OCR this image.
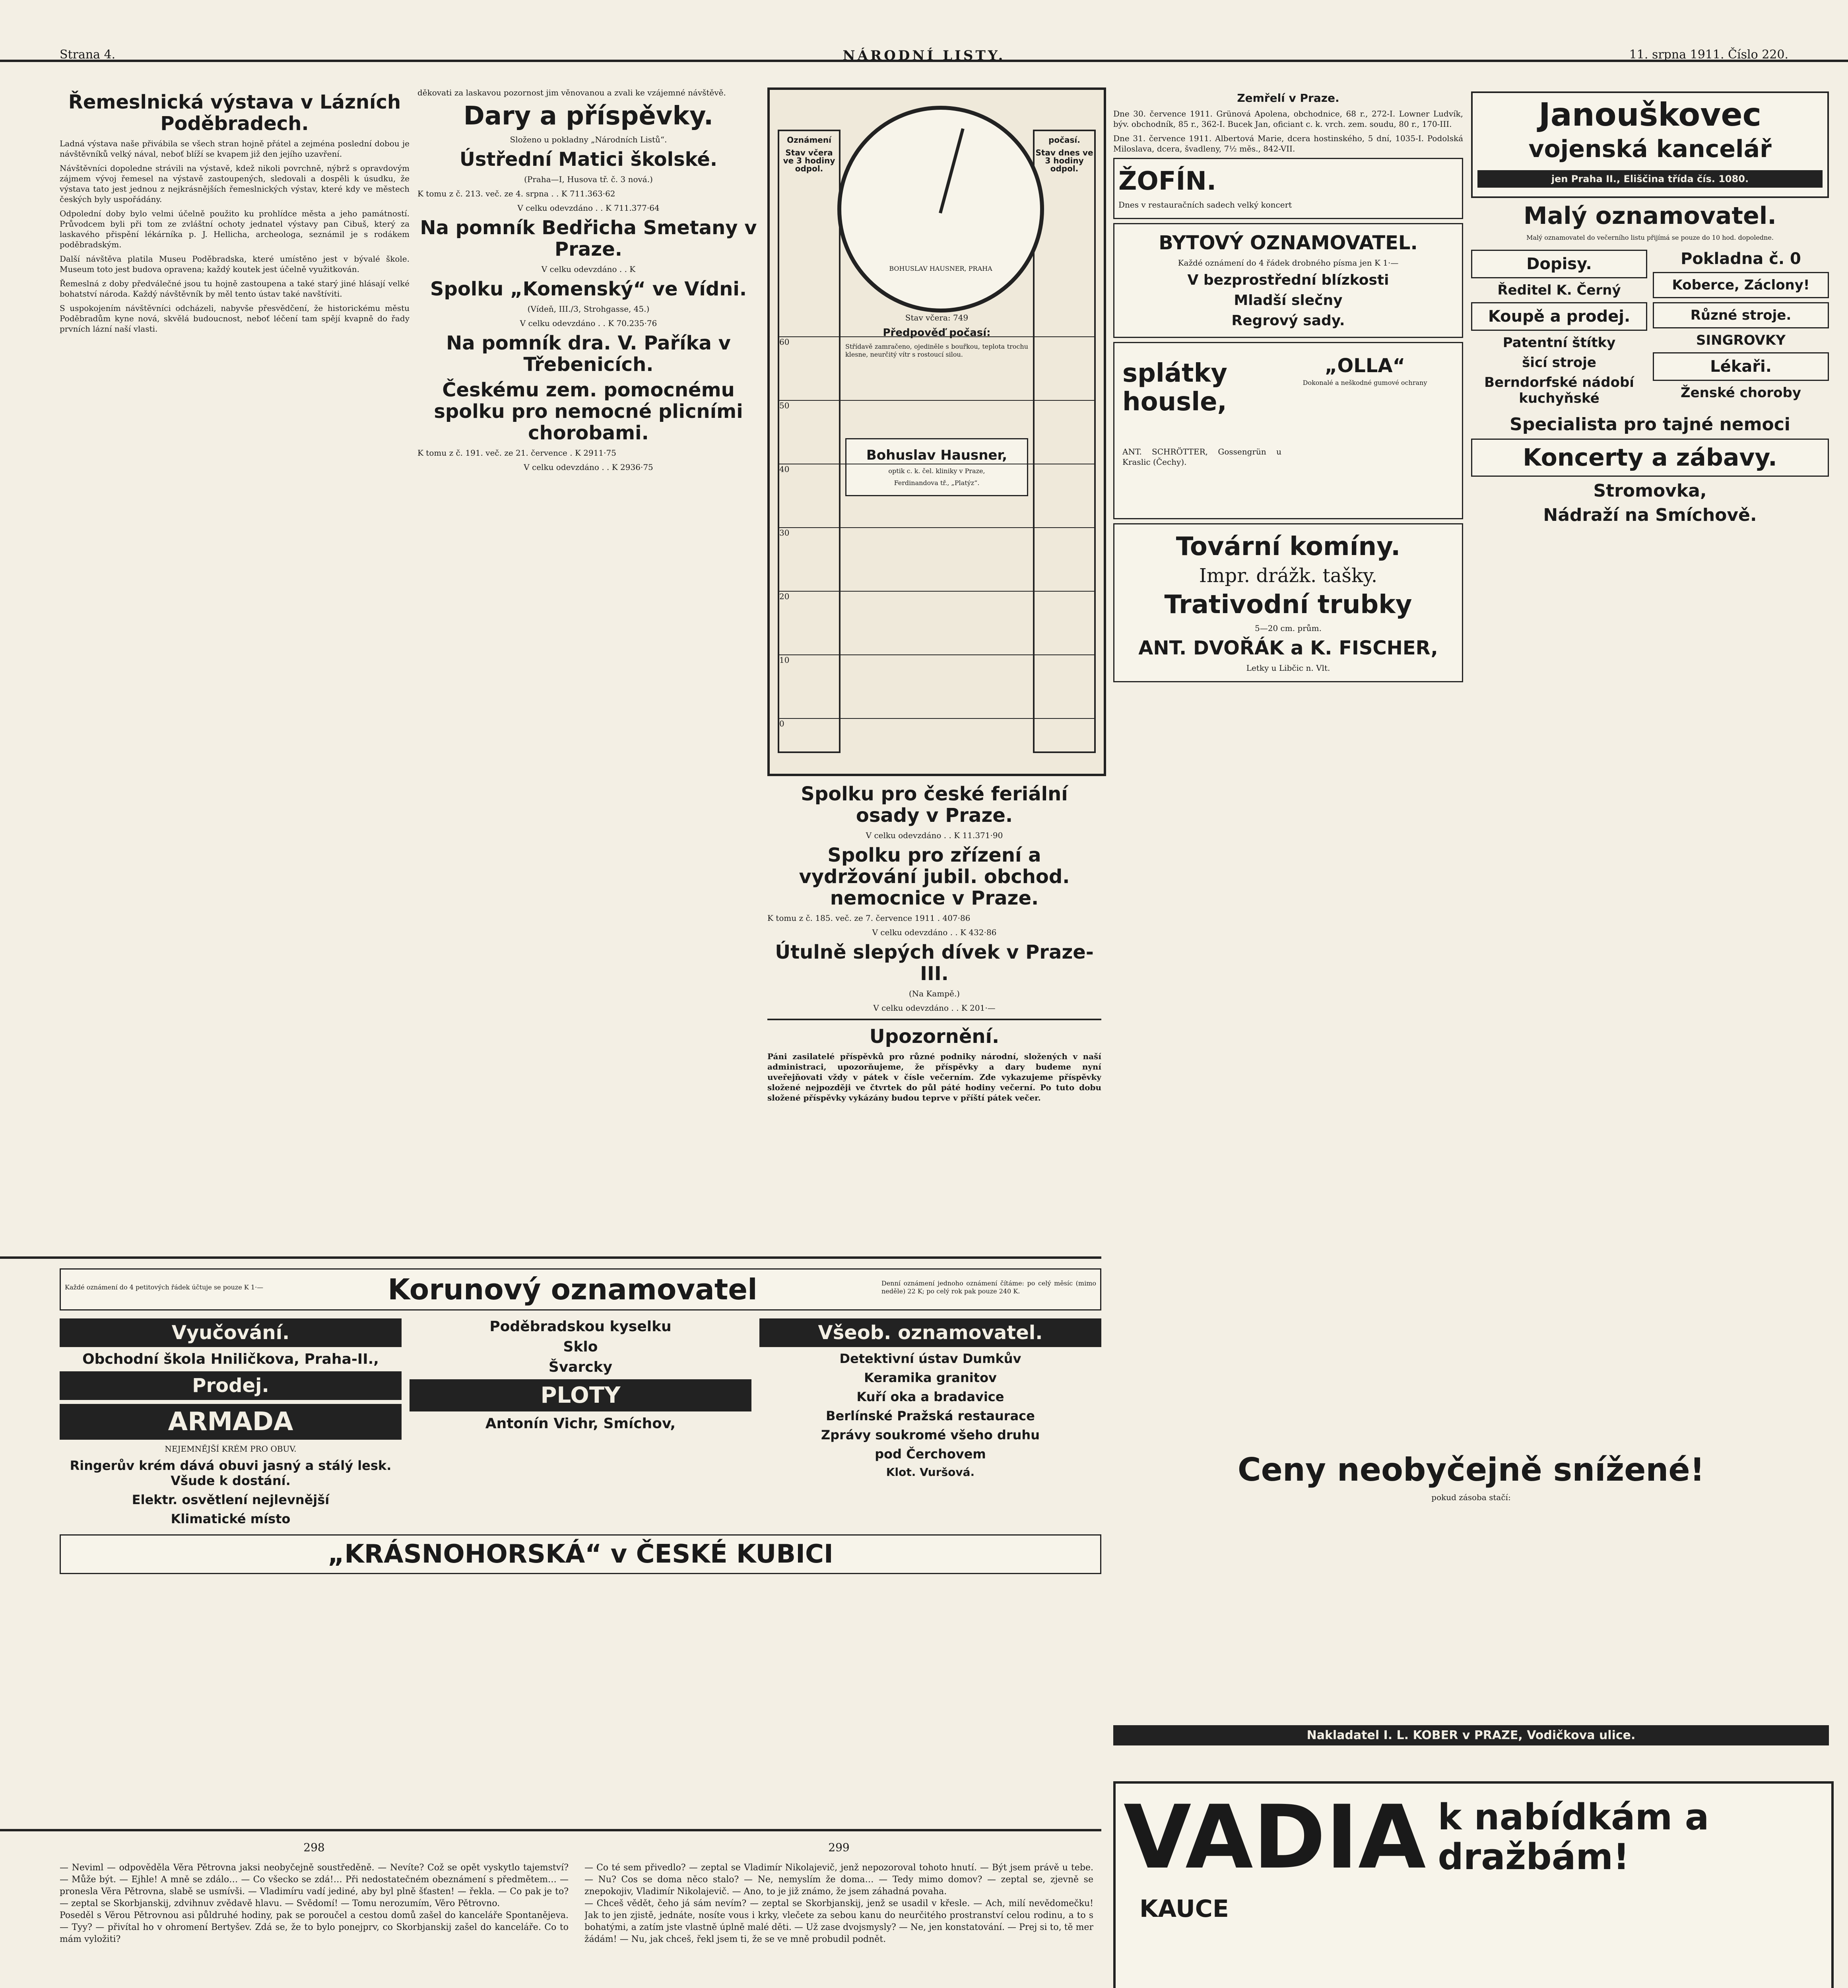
Strana 4.	NÁRODNÍ LISTY.	11. srpna 1911. Číslo 220.
Řemeslnická výstava v Lázních Poděbradech.
Ladná výstava naše přivábila se všech stran hojně přátel a zejména poslední dobou je návštěvníků velký nával, neboť blíží se kvapem již den jejího uzavření.
Návštěvníci dopoledne strávili na výstavě, kdež nikoli povrchně, nýbrž s opravdovým zájmem vývoj řemesel na výstavě zastoupených, sledovali a dospěli k úsudku, že výstava tato jest jednou z nejkrásnějších řemeslnických výstav, které kdy ve městech českých byly uspořádány.
Odpolední doby bylo velmi účelně použito ku prohlídce města a jeho památností. Průvodcem byli při tom ze zvláštní ochoty jednatel výstavy pan Cibuš, který za laskavého přispění lékárníka p. J. Hellicha, archeologa, seznámil je s rodákem poděbradským.
Další návštěva platila Museu Poděbradska, které umístěno jest v bývalé škole. Museum toto jest budova opravena; každý koutek jest účelně využitkován.
Řemeslná z doby předválečné jsou tu hojně zastoupena a také starý jiné hlásají velké bohatství národa. Každý návštěvník by měl tento ústav také navštíviti.
S uspokojením návštěvníci odcházeli, nabyvše přesvědčení, že historickému městu Poděbradům kyne nová, skvělá budoucnost, neboť léčení tam spějí kvapně do řady prvních lázní naší vlasti.
děkovati za laskavou pozornost jim věnovanou a zvali ke vzájemné návštěvě.
Dary a příspěvky.
Složeno u pokladny „Národních Listů“.
Ústřední Matici školské.
(Praha—I, Husova tř. č. 3 nová.)
K tomu z č. 213. več. ze 4. srpna . . K 711.363·62
V celku odevzdáno . . K 711.377·64
Na pomník Bedřicha Smetany v Praze.
V celku odevzdáno . . K
Spolku „Komenský“ ve Vídni.
(Vídeň, III./3, Strohgasse, 45.)
V celku odevzdáno . . K 70.235·76
Na pomník dra. V. Paříka v Třebenicích.
Českému zem. pomocnému spolku pro nemocné plicními chorobami.
K tomu z č. 191. več. ze 21. července . K 2911·75
V celku odevzdáno . . K 2936·75
Oznámení
Stav včera ve 3 hodiny odpol.
počasí.
Stav dnes ve 3 hodiny odpol.
BOHUSLAV HAUSNER, PRAHA
Stav včera: 749
Předpověď počasí:
Střídavě zamračeno, ojediněle s bouřkou, teplota trochu klesne, neurčitý vítr s rostoucí silou.
Bohuslav Hausner,
optik c. k. čel. kliniky v Praze,
Ferdinandova tř., „Platýz“.
60
50
40
30
20
10
0
Spolku pro české feriální osady v Praze.
V celku odevzdáno . . K 11.371·90
Spolku pro zřízení a vydržování jubil. obchod. nemocnice v Praze.
K tomu z č. 185. več. ze 7. července 1911 . 407·86
V celku odevzdáno . . K 432·86
Útulně slepých dívek v Praze-III.
(Na Kampě.)
V celku odevzdáno . . K 201·—
Upozornění.
Páni zasilatelé příspěvků pro různé podniky národní, složených v naší administraci, upozorňujeme, že příspěvky a dary budeme nyní uveřejňovati vždy v pátek v čísle večerním. Zde vykazujeme příspěvky složené nejpozději ve čtvrtek do půl páté hodiny večerní. Po tuto dobu složené příspěvky vykázány budou teprve v příští pátek večer.
Zemřelí v Praze.
Dne 30. července 1911. Grünová Apolena, obchodnice, 68 r., 272-I. Lowner Ludvík, býv. obchodník, 85 r., 362-I. Bucek Jan, oficiant c. k. vrch. zem. soudu, 80 r., 170-III.
Dne 31. července 1911. Albertová Marie, dcera hostinského, 5 dní, 1035-I. Podolská Miloslava, dcera, švadleny, 7½ měs., 842-VII.
ŽOFÍN.
Dnes v restauračních sadech velký koncert
BYTOVÝ OZNAMOVATEL.
Každé oznámení do 4 řádek drobného písma jen K 1·—
V bezprostřední blízkosti
Mladší slečny
Regrový sady.
splátky housle,
„OLLA“
Dokonalé a neškodné gumové ochrany
ANT. SCHRÖTTER, Gossengrün u Kraslic (Čechy).
Tovární komíny.
Impr. drážk. tašky.
Trativodní trubky
5—20 cm. prům.
ANT. DVOŘÁK a K. FISCHER,
Letky u Libčic n. Vlt.
Janouškovec
vojenská kancelář
jen Praha II., Eliščina třída čís. 1080.
Malý oznamovatel.
Malý oznamovatel do večerního listu přijímá se pouze do 10 hod. dopoledne.
Dopisy.
Ředitel K. Černý
Koupě a prodej.
Patentní štítky
šicí stroje
Berndorfské nádobí kuchyňské
Pokladna č. 0
Koberce, Záclony!
Různé stroje.
SINGROVKY
Lékaři.
Ženské choroby
Specialista pro tajné nemoci
Koncerty a zábavy.
Stromovka,
Nádraží na Smíchově.
Ceny neobyčejně snížené!
pokud zásoba stačí:
Nakladatel I. L. KOBER v PRAZE, Vodičkova ulice.
Každé oznámení do 4 petitových řádek účtuje se pouze K 1·—	Korunový oznamovatel	Denní oznámení jednoho oznámení čítáme: po celý měsíc (mimo neděle) 22 K; po celý rok pak pouze 240 K.
Vyučování.
Obchodní škola Hniličkova, Praha-II.,
Prodej.
ARMADA
NEJEMNĚJŠÍ KRÉM PRO OBUV.
Ringerův krém dává obuvi jasný a stálý lesk. Všude k dostání.
Elektr. osvětlení nejlevnější
Klimatické místo
Poděbradskou kyselku
Sklo
Švarcky
PLOTY
Antonín Vichr, Smíchov,
Všeob. oznamovatel.
Detektivní ústav Dumkův
Keramika granitov
Kuří oka a bradavice
Berlínské Pražská restaurace
Zprávy soukromé všeho druhu
pod Čerchovem
Klot. Vuršová.
„KRÁSNOHORSKÁ“ v ČESKÉ KUBICI
298
— Neviml — odpověděla Věra Pětrovna jaksi neobyčejně soustředěně. — Nevíte? Což se opět vyskytlo tajemství? — Může být. — Ejhle! A mně se zdálo… — Co všecko se zdá!… Při nedostatečném obeznámení s předmětem… — pronesla Věra Pětrovna, slabě se usmívši. — Vladimíru vadí jediné, aby byl plně šťasten! — řekla. — Co pak je to? — zeptal se Skorbjanskij, zdvihnuv zvědavě hlavu. — Svědomí! — Tomu nerozumím, Věro Pětrovno.
Poseděl s Věrou Pětrovnou asi půldruhé hodiny, pak se poroučel a cestou domů zašel do kanceláře Spontanějeva. — Tyy? — přivítal ho v ohromení Bertyšev. Zdá se, že to bylo ponejprv, co Skorbjanskij zašel do kanceláře. Co to mám vyložiti?
299
— Co té sem přivedlo? — zeptal se Vladimír Nikolajevič, jenž nepozoroval tohoto hnutí. — Být jsem právě u tebe. — Nu? Cos se doma něco stalo? — Ne, nemyslím že doma… — Tedy mimo domov? — zeptal se, zjevně se znepokojiv, Vladimír Nikolajevič. — Ano, to je již známo, že jsem záhadná povaha.
— Chceš vědět, čeho já sám nevím? — zeptal se Skorbjanskij, jenž se usadil v křesle. — Ach, milí nevědomečku! Jak to jen zjistě, jednáte, nosíte vous i krky, vlečete za sebou kanu do neurčitého prostranství celou rodinu, a to s bohatými, a zatím jste vlastně úplně malé děti. — Už zase dvojsmysly? — Ne, jen konstatování. — Prej si to, tě mer žádám! — Nu, jak chceš, řekl jsem ti, že se ve mně probudil podnět.
VADIA k nabídkám a dražbám!
KAUCE
